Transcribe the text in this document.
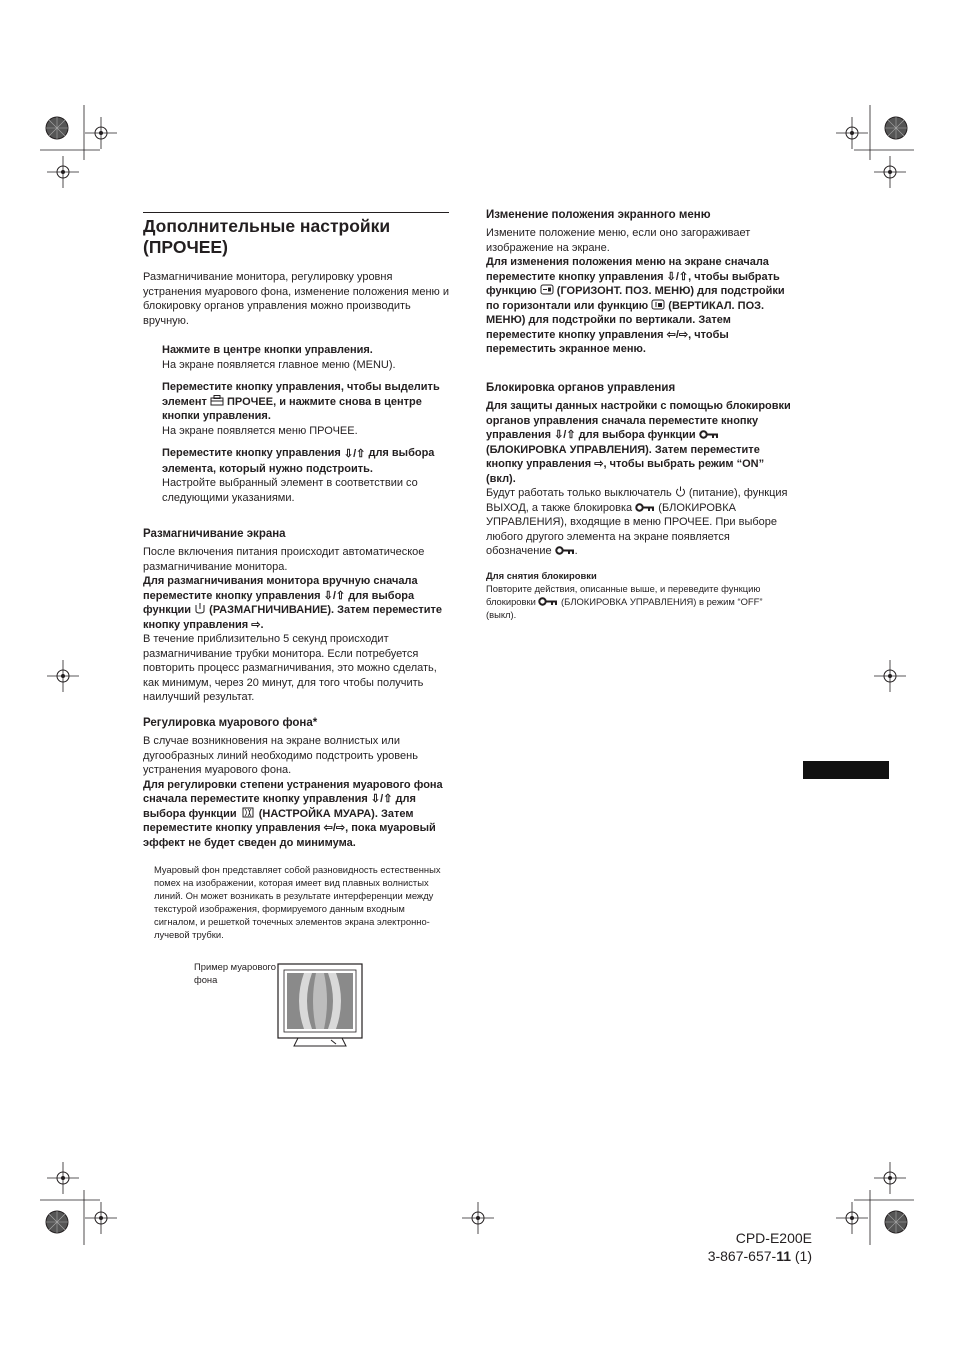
Дополнительные настройки (ПРОЧЕЕ)

Размагничивание монитора, регулировку уровня устранения муарового фона, изменение положения меню и блокировку органов управления можно производить вручную.

Нажмите в центре кнопки управления.

На экране появляется главное меню (MENU).

Переместите кнопку управления, чтобы выделить элемент  ПРОЧЕЕ, и нажмите снова в центре кнопки управления.

На экране появляется меню ПРОЧЕЕ.

Переместите кнопку управления ⇩/⇧ для выбора элемента, который нужно подстроить.

Настройте выбранный элемент в соответствии со следующими указаниями.

Размагничивание экрана

После включения питания происходит автоматическое размагничивание монитора.

Для размагничивания монитора вручную сначала переместите кнопку управления ⇩/⇧ для выбора функции  (РАЗМАГНИЧИВАНИЕ). Затем переместите кнопку управления ⇨.

В течение приблизительно 5 секунд происходит размагничивание трубки монитора. Если потребуется повторить процесс размагничивания, это можно сделать, как минимум, через 20 минут, для того чтобы получить наилучший результат.

Регулировка муарового фона*

В случае возникновения на экране волнистых или дугообразных линий необходимо подстроить уровень устранения муарового фона.

Для регулировки степени устранения муарового фона сначала переместите кнопку управления ⇩/⇧ для выбора функции  (НАСТРОЙКА МУАРА). Затем переместите кнопку управления ⇦/⇨, пока муаровый эффект не будет сведен до минимума.

Муаровый фон представляет собой разновидность естественных помех на изображении, которая имеет вид плавных волнистых линий. Он может возникать в результате интерференции между текстурой изображения, формируемого данным входным сигналом, и решеткой точечных элементов экрана электронно-лучевой трубки.

Пример муарового фона

Изменение положения экранного меню

Измените положение меню, если оно загораживает изображение на экране.

Для изменения положения меню на экране сначала переместите кнопку управления ⇩/⇧, чтобы выбрать функцию  (ГОРИЗОНТ. ПОЗ. МЕНЮ) для подстройки по горизонтали или функцию  (ВЕРТИКАЛ. ПОЗ. МЕНЮ) для подстройки по вертикали. Затем переместите кнопку управления ⇦/⇨, чтобы переместить экранное меню.

Блокировка органов управления

Для защиты данных настройки с помощью блокировки органов управления сначала переместите кнопку управления ⇩/⇧ для выбора функции  (БЛОКИРОВКА УПРАВЛЕНИЯ). Затем переместите кнопку управления ⇨, чтобы выбрать режим “ON” (вкл).

Будут работать только выключатель  (питание), функция ВЫХОД, а также блокировка  (БЛОКИРОВКА УПРАВЛЕНИЯ), входящие в меню ПРОЧЕЕ. При выборе любого другого элемента на экране появляется обозначение .

Для снятия блокировки

Повторите действия, описанные выше, и переведите функцию блокировки  (БЛОКИРОВКА УПРАВЛЕНИЯ) в режим “OFF” (выкл).

CPD-E200E
3-867-657-11 (1)
